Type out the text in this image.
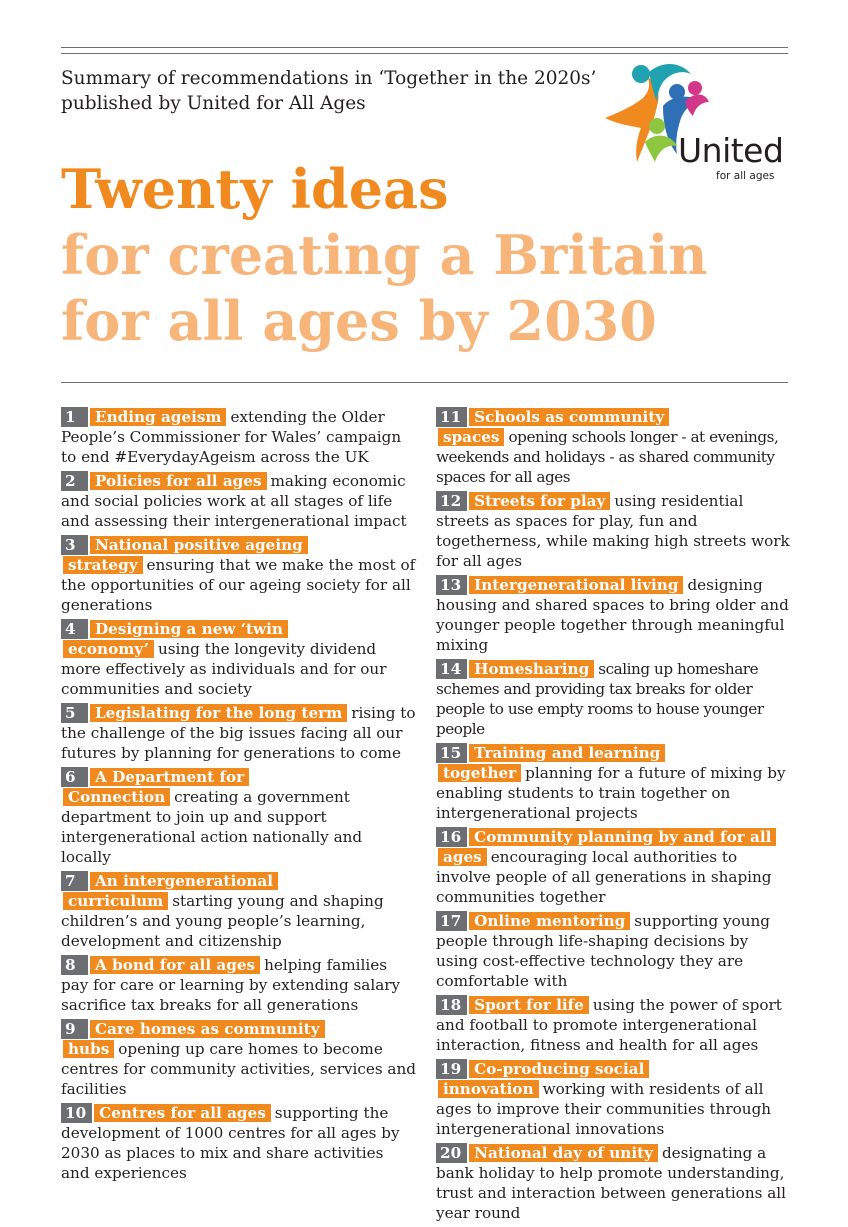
Summary of recommendations in ‘Together in the 2020s’ published by United for All Ages
United
for all ages
Twenty ideas
for creating a Britain
for all ages by 2030
1 Ending ageism extending the Older People’s Commissioner for Wales’ campaign to end #EverydayAgeism across the UK
2 Policies for all ages making economic and social policies work at all stages of life and assessing their intergenerational impact
3 National positive ageing strategy ensuring that we make the most of the opportunities of our ageing society for all generations
4 Designing a new ‘twin economy’ using the longevity dividend more effectively as individuals and for our communities and society
5 Legislating for the long term rising to the challenge of the big issues facing all our futures by planning for generations to come
6 A Department for Connection creating a government department to join up and support intergenerational action nationally and locally
7 An intergenerational curriculum starting young and shaping children’s and young people’s learning, development and citizenship
8 A bond for all ages helping families pay for care or learning by extending salary sacrifice tax breaks for all generations
9 Care homes as community hubs opening up care homes to become centres for community activities, services and facilities
10 Centres for all ages supporting the development of 1000 centres for all ages by 2030 as places to mix and share activities and experiences
11 Schools as community spaces opening schools longer - at evenings, weekends and holidays - as shared community spaces for all ages
12 Streets for play using residential streets as spaces for play, fun and togetherness, while making high streets work for all ages
13 Intergenerational living designing housing and shared spaces to bring older and younger people together through meaningful mixing
14 Homesharing scaling up homeshare schemes and providing tax breaks for older people to use empty rooms to house younger people
15 Training and learning together planning for a future of mixing by enabling students to train together on intergenerational projects
16 Community planning by and for all ages encouraging local authorities to involve people of all generations in shaping communities together
17 Online mentoring supporting young people through life-shaping decisions by using cost-effective technology they are comfortable with
18 Sport for life using the power of sport and football to promote intergenerational interaction, fitness and health for all ages
19 Co-producing social innovation working with residents of all ages to improve their communities through intergenerational innovations
20 National day of unity designating a bank holiday to help promote understanding, trust and interaction between generations all year round
